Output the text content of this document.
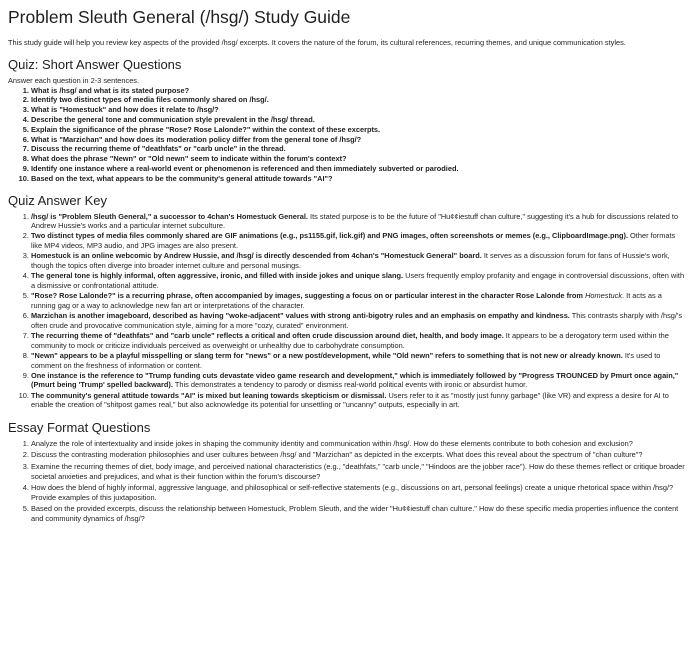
Problem Sleuth General (/hsg/) Study Guide

This study guide will help you review key aspects of the provided /hsg/ excerpts. It covers the nature of the forum, its cultural references, recurring themes, and unique communication styles.

Quiz: Short Answer Questions

Answer each question in 2-3 sentences.

1. What is /hsg/ and what is its stated purpose?
2. Identify two distinct types of media files commonly shared on /hsg/.
3. What is "Homestuck" and how does it relate to /hsg/?
4. Describe the general tone and communication style prevalent in the /hsg/ thread.
5. Explain the significance of the phrase "Rose? Rose Lalonde?" within the context of these excerpts.
6. What is "Marzichan" and how does its moderation policy differ from the general tone of /hsg/?
7. Discuss the recurring theme of "deathfats" or "carb uncle" in the thread.
8. What does the phrase "Newn" or "Old newn" seem to indicate within the forum's context?
9. Identify one instance where a real-world event or phenomenon is referenced and then immediately subverted or parodied.
10. Based on the text, what appears to be the community's general attitude towards "AI"?
Quiz Answer Key
1. /hsg/ is "Problem Sleuth General," a successor to 4chan's Homestuck General. Its stated purpose is to be the future of "Hu¢¢iestuff chan culture," suggesting it's a hub for discussions related to Andrew Hussie's works and a particular internet subculture.
2. Two distinct types of media files commonly shared are GIF animations (e.g., ps1155.gif, lick.gif) and PNG images, often screenshots or memes (e.g., ClipboardImage.png). Other formats like MP4 videos, MP3 audio, and JPG images are also present.
3. Homestuck is an online webcomic by Andrew Hussie, and /hsg/ is directly descended from 4chan's "Homestuck General" board. It serves as a discussion forum for fans of Hussie's work, though the topics often diverge into broader internet culture and personal musings.
4. The general tone is highly informal, often aggressive, ironic, and filled with inside jokes and unique slang. Users frequently employ profanity and engage in controversial discussions, often with a dismissive or confrontational attitude.
5. "Rose? Rose Lalonde?" is a recurring phrase, often accompanied by images, suggesting a focus on or particular interest in the character Rose Lalonde from Homestuck. It acts as a running gag or a way to acknowledge new fan art or interpretations of the character.
6. Marzichan is another imageboard, described as having "woke-adjacent" values with strong anti-bigotry rules and an emphasis on empathy and kindness. This contrasts sharply with /hsg/'s often crude and provocative communication style, aiming for a more "cozy, curated" environment.
7. The recurring theme of "deathfats" and "carb uncle" reflects a critical and often crude discussion around diet, health, and body image. It appears to be a derogatory term used within the community to mock or criticize individuals perceived as overweight or unhealthy due to carbohydrate consumption.
8. "Newn" appears to be a playful misspelling or slang term for "news" or a new post/development, while "Old newn" refers to something that is not new or already known. It's used to comment on the freshness of information or content.
9. One instance is the reference to "Trump funding cuts devastate video game research and development," which is immediately followed by "Progress TROUNCED by Pmurt once again," (Pmurt being 'Trump' spelled backward). This demonstrates a tendency to parody or dismiss real-world political events with ironic or absurdist humor.
10. The community's general attitude towards "AI" is mixed but leaning towards skepticism or dismissal. Users refer to it as "mostly just funny garbage" (like VR) and express a desire for AI to enable the creation of "shitpost games real," but also acknowledge its potential for unsettling or "uncanny" outputs, especially in art.
Essay Format Questions
1. Analyze the role of intertextuality and inside jokes in shaping the community identity and communication within /hsg/. How do these elements contribute to both cohesion and exclusion?
2. Discuss the contrasting moderation philosophies and user cultures between /hsg/ and "Marzichan" as depicted in the excerpts. What does this reveal about the spectrum of "chan culture"?
3. Examine the recurring themes of diet, body image, and perceived national characteristics (e.g., "deathfats," "carb uncle," "Hindoos are the jobber race"). How do these themes reflect or critique broader societal anxieties and prejudices, and what is their function within the forum's discourse?
4. How does the blend of highly informal, aggressive language, and philosophical or self-reflective statements (e.g., discussions on art, personal feelings) create a unique rhetorical space within /hsg/? Provide examples of this juxtaposition.
5. Based on the provided excerpts, discuss the relationship between Homestuck, Problem Sleuth, and the wider "Hu¢¢iestuff chan culture." How do these specific media properties influence the content and community dynamics of /hsg/?
